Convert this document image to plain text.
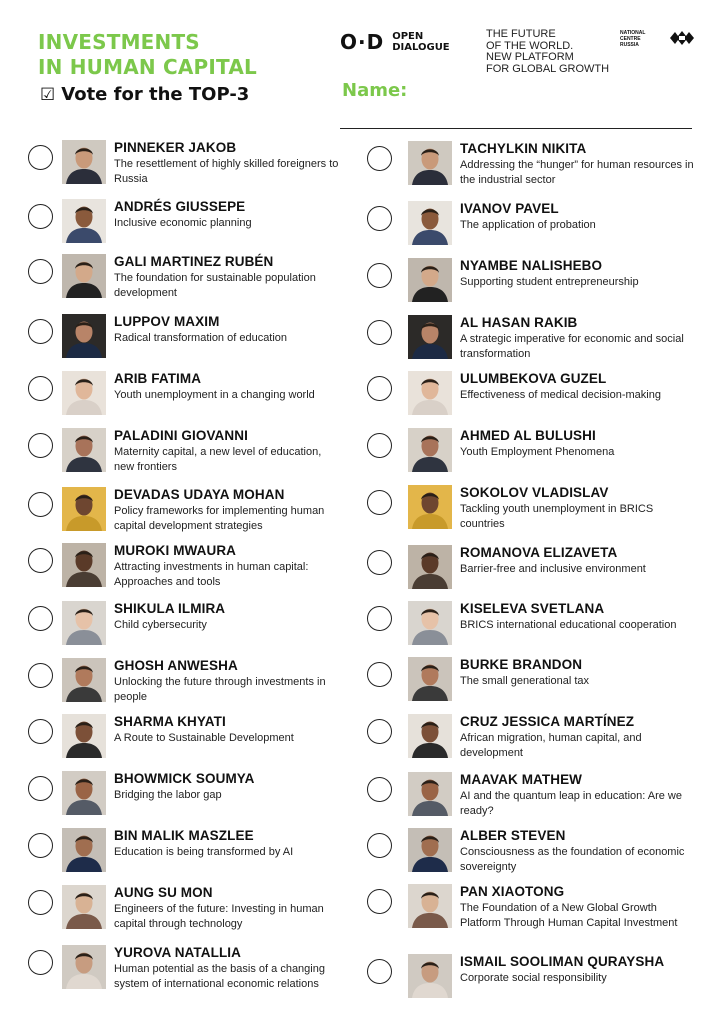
INVESTMENTS
IN HUMAN CAPITAL
☑ Vote for the TOP-3
O·D OPEN
DIALOGUE
THE FUTURE
OF THE WORLD.
NEW PLATFORM
FOR GLOBAL GROWTH
NATIONAL CENTRE
RUSSIA
Name:
PINNEKER JAKOB
The resettlement of highly skilled foreigners to Russia
ANDRÉS GIUSSEPE
Inclusive economic planning
GALI MARTINEZ RUBÉN
The foundation for sustainable population development
LUPPOV MAXIM
Radical transformation of education
ARIB FATIMA
Youth unemployment in a changing world
PALADINI GIOVANNI
Maternity capital, a new level of education, new frontiers
DEVADAS UDAYA MOHAN
Policy frameworks for implementing human capital development strategies
MUROKI MWAURA
Attracting investments in human capital: Approaches and tools
SHIKULA ILMIRA
Child cybersecurity
GHOSH ANWESHA
Unlocking the future through investments in people
SHARMA KHYATI
A Route to Sustainable Development
BHOWMICK SOUMYA
Bridging the labor gap
BIN MALIK MASZLEE
Education is being transformed by AI
AUNG SU MON
Engineers of the future: Investing in human capital through technology
YUROVA NATALLIA
Human potential as the basis of a changing system of international economic relations
TACHYLKIN NIKITA
Addressing the “hunger” for human resources in the industrial sector
IVANOV PAVEL
The application of probation
NYAMBE NALISHEBO
Supporting student entrepreneurship
AL HASAN RAKIB
A strategic imperative for economic and social transformation
ULUMBEKOVA GUZEL
Effectiveness of medical decision-making
AHMED AL BULUSHI
Youth Employment Phenomena
SOKOLOV VLADISLAV
Tackling youth unemployment in BRICS countries
ROMANOVA ELIZAVETA
Barrier-free and inclusive environment
KISELEVA SVETLANA
BRICS international educational cooperation
BURKE BRANDON
The small generational tax
CRUZ JESSICA MARTÍNEZ
African migration, human capital, and development
MAAVAK MATHEW
AI and the quantum leap in education: Are we ready?
ALBER STEVEN
Consciousness as the foundation of economic sovereignty
PAN XIAOTONG
The Foundation of a New Global Growth Platform Through Human Capital Investment
ISMAIL SOOLIMAN QURAYSHA
Corporate social responsibility
